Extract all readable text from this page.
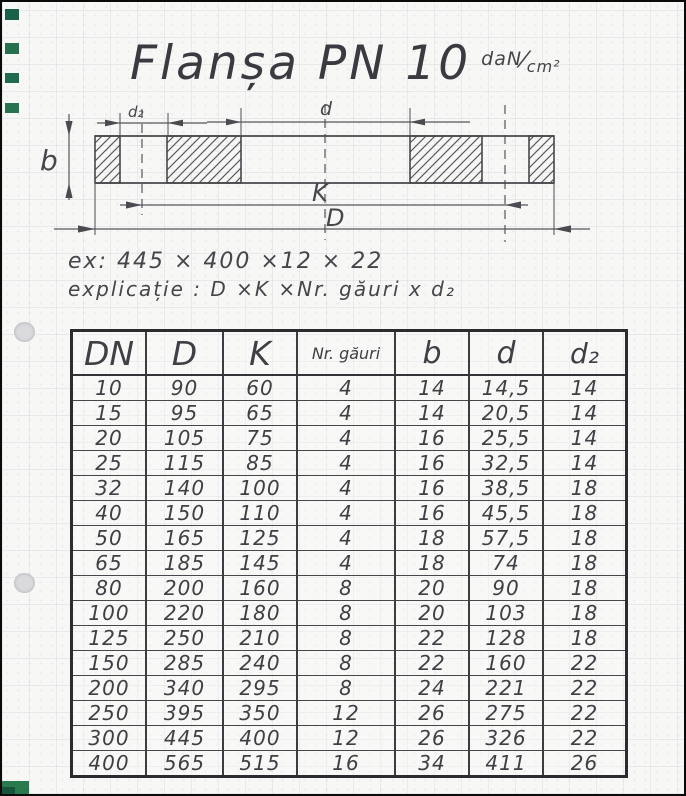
Flanșa PN 10 $daN⁄_{cm^2}$
b
d₂	d
K
D
ex: 445 × 400 ×12 × 22
explicație : D ×K ×Nr. găuri x d₂
DN	D	K	Nr. găuri	b	d	d₂
10	90	60	4	14	14,5	14
15	95	65	4	14	20,5	14
20	105	75	4	16	25,5	14
25	115	85	4	16	32,5	14
32	140	100	4	16	38,5	18
40	150	110	4	16	45,5	18
50	165	125	4	18	57,5	18
65	185	145	4	18	74	18
80	200	160	8	20	90	18
100	220	180	8	20	103	18
125	250	210	8	22	128	18
150	285	240	8	22	160	22
200	340	295	8	24	221	22
250	395	350	12	26	275	22
300	445	400	12	26	326	22
400	565	515	16	34	411	26
